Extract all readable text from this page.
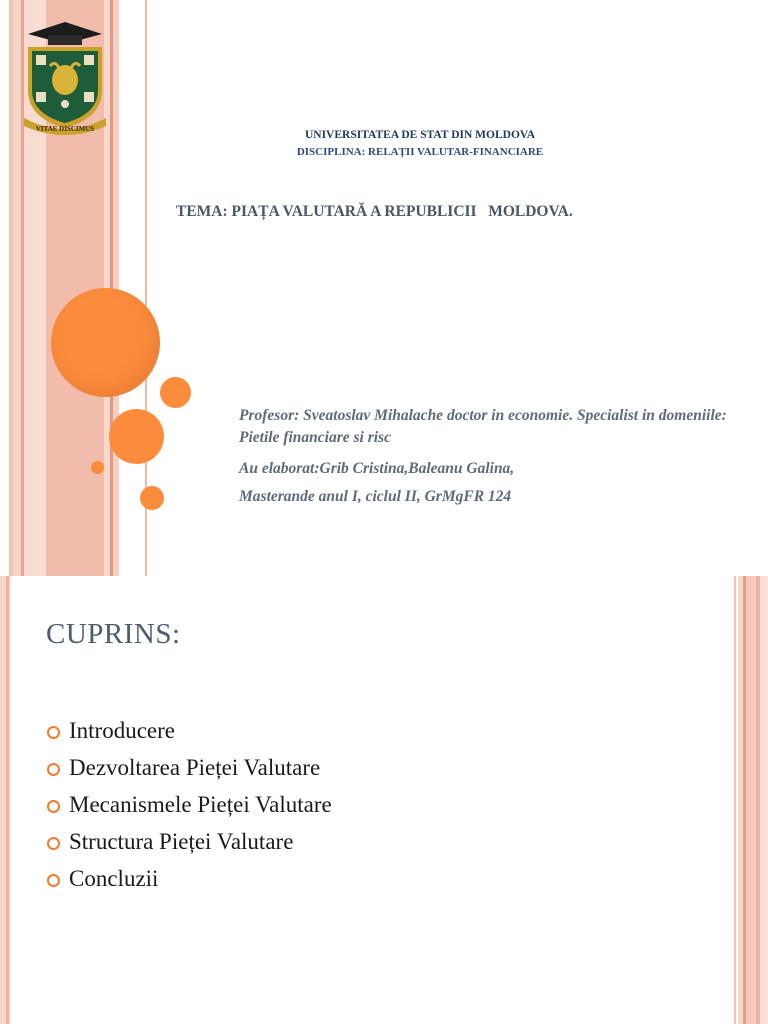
VITAE DISCIMUS	UNIVERSITATEA DE STAT DIN MOLDOVA
DISCIPLINA: RELAȚII VALUTAR-FINANCIARE
TEMA: PIAȚA VALUTARĂ A REPUBLICII   MOLDOVA.

Profesor: Sveatoslav Mihalache doctor in economie. Specialist in domeniile: Pietile financiare si risc

Au elaborat:Grib Cristina,Baleanu Galina,
Masterande anul I, ciclul II, GrMgFR 124
CUPRINS:
Introducere
Dezvoltarea Pieței Valutare
Mecanismele Pieței Valutare
Structura Pieței Valutare
Concluzii
